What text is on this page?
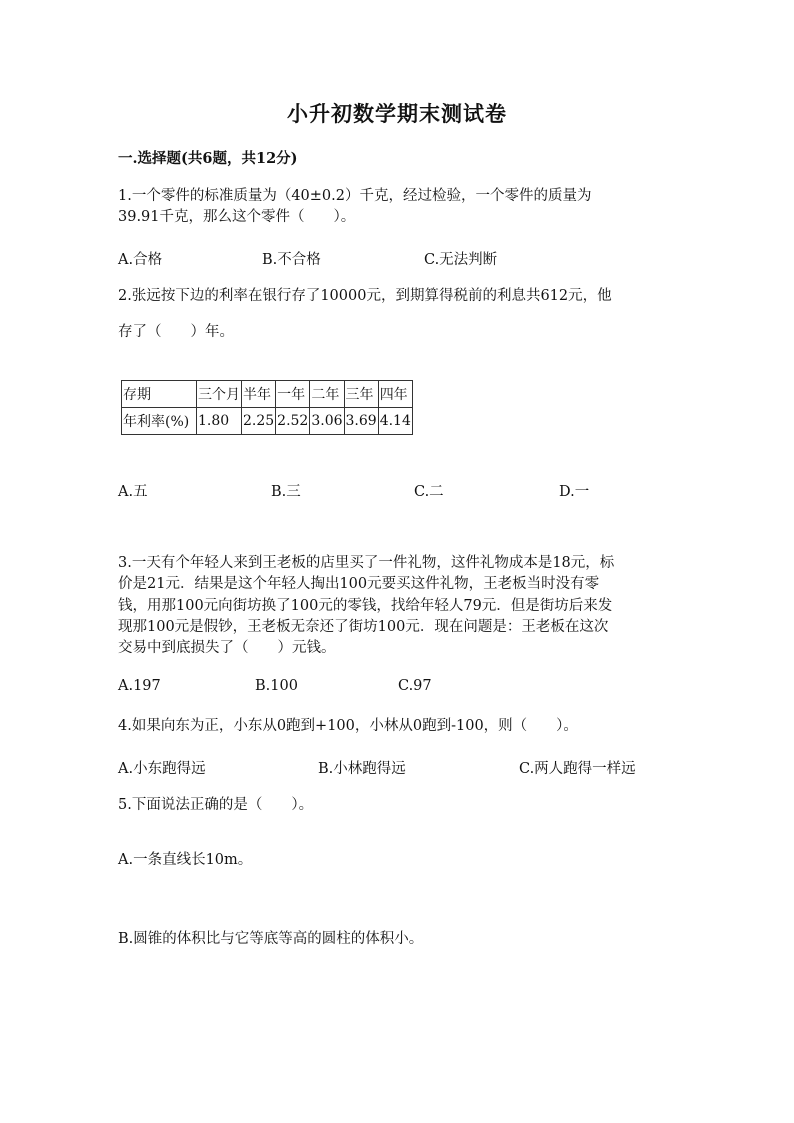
小升初数学期末测试卷
一.选择题(共6题，共12分)
1.一个零件的标准质量为（40±0.2）千克，经过检验，一个零件的质量为
39.91千克，那么这个零件（　　）。
A.合格	B.不合格	C.无法判断
2.张远按下边的利率在银行存了10000元，到期算得税前的利息共612元，他
存了（　　）年。
存期	三个月	半年	一年	二年	三年	四年
年利率(%)	1.80	2.25	2.52	3.06	3.69	4.14
A.五	B.三	C.二	D.一
3.一天有个年轻人来到王老板的店里买了一件礼物，这件礼物成本是18元，标
价是21元．结果是这个年轻人掏出100元要买这件礼物，王老板当时没有零
钱，用那100元向街坊换了100元的零钱，找给年轻人79元．但是街坊后来发
现那100元是假钞，王老板无奈还了街坊100元．现在问题是：王老板在这次
交易中到底损失了（　　）元钱。
A.197	B.100	C.97
4.如果向东为正，小东从0跑到+100，小林从0跑到-100，则（　　）。
A.小东跑得远	B.小林跑得远	C.两人跑得一样远
5.下面说法正确的是（　　）。
A.一条直线长10m。
B.圆锥的体积比与它等底等高的圆柱的体积小。
